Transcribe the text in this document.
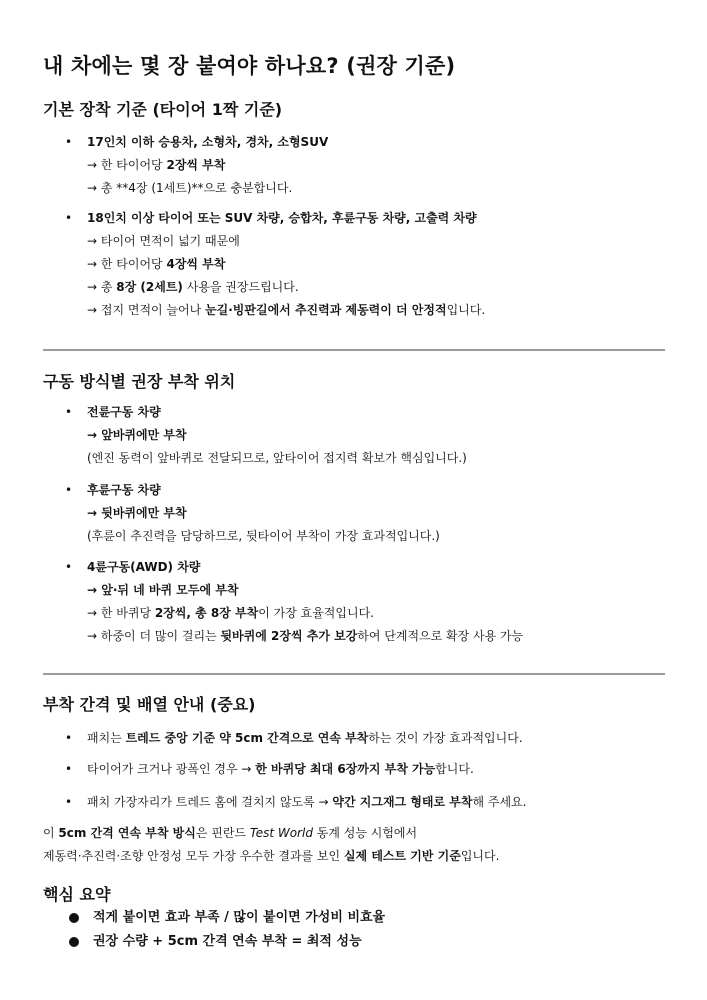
내 차에는 몇 장 붙여야 하나요? (권장 기준)
기본 장착 기준 (타이어 1짝 기준)
• 17인치 이하 승용차, 소형차, 경차, 소형SUV
→ 한 타이어당 2장씩 부착
→ 총 **4장 (1세트)**으로 충분합니다.
• 18인치 이상 타이어 또는 SUV 차량, 승합차, 후륜구동 차량, 고출력 차량
→ 타이어 면적이 넓기 때문에
→ 한 타이어당 4장씩 부착
→ 총 8장 (2세트) 사용을 권장드립니다.
→ 접지 면적이 늘어나 눈길·빙판길에서 추진력과 제동력이 더 안정적입니다.
구동 방식별 권장 부착 위치
• 전륜구동 차량
→ 앞바퀴에만 부착
(엔진 동력이 앞바퀴로 전달되므로, 앞타이어 접지력 확보가 핵심입니다.)
• 후륜구동 차량
→ 뒷바퀴에만 부착
(후륜이 추진력을 담당하므로, 뒷타이어 부착이 가장 효과적입니다.)
• 4륜구동(AWD) 차량
→ 앞·뒤 네 바퀴 모두에 부착
→ 한 바퀴당 2장씩, 총 8장 부착이 가장 효율적입니다.
→ 하중이 더 많이 걸리는 뒷바퀴에 2장씩 추가 보강하여 단계적으로 확장 사용 가능
부착 간격 및 배열 안내 (중요)
• 패치는 트레드 중앙 기준 약 5cm 간격으로 연속 부착하는 것이 가장 효과적입니다.
• 타이어가 크거나 광폭인 경우 → 한 바퀴당 최대 6장까지 부착 가능합니다.
• 패치 가장자리가 트레드 홈에 걸치지 않도록 → 약간 지그재그 형태로 부착해 주세요.
이 5cm 간격 연속 부착 방식은 핀란드 Test World 동계 성능 시험에서
제동력·추진력·조향 안정성 모두 가장 우수한 결과를 보인 실제 테스트 기반 기준입니다.
핵심 요약
적게 붙이면 효과 부족 / 많이 붙이면 가성비 비효율
권장 수량 + 5cm 간격 연속 부착 = 최적 성능
